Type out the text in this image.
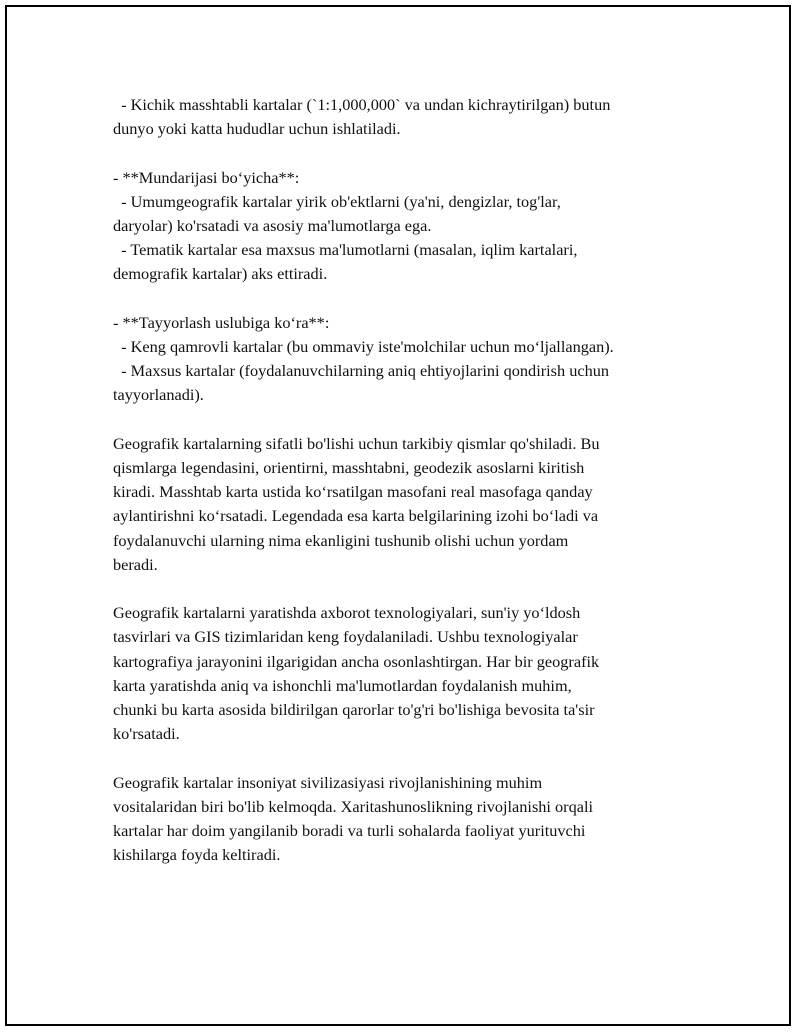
- Kichik masshtabli kartalar (`1:1,000,000` va undan kichraytirilgan) butun
dunyo yoki katta hududlar uchun ishlatiladi.

- **Mundarijasi bo‘yicha**:
- Umumgeografik kartalar yirik ob'ektlarni (ya'ni, dengizlar, tog'lar,
daryolar) ko'rsatadi va asosiy ma'lumotlarga ega.
- Tematik kartalar esa maxsus ma'lumotlarni (masalan, iqlim kartalari,
demografik kartalar) aks ettiradi.

- **Tayyorlash uslubiga ko‘ra**:
- Keng qamrovli kartalar (bu ommaviy iste'molchilar uchun mo‘ljallangan).
- Maxsus kartalar (foydalanuvchilarning aniq ehtiyojlarini qondirish uchun
tayyorlanadi).

Geografik kartalarning sifatli bo'lishi uchun tarkibiy qismlar qo'shiladi. Bu
qismlarga legendasini, orientirni, masshtabni, geodezik asoslarni kiritish
kiradi. Masshtab karta ustida ko‘rsatilgan masofani real masofaga qanday
aylantirishni ko‘rsatadi. Legendada esa karta belgilarining izohi bo‘ladi va
foydalanuvchi ularning nima ekanligini tushunib olishi uchun yordam
beradi.

Geografik kartalarni yaratishda axborot texnologiyalari, sun'iy yo‘ldosh
tasvirlari va GIS tizimlaridan keng foydalaniladi. Ushbu texnologiyalar
kartografiya jarayonini ilgarigidan ancha osonlashtirgan. Har bir geografik
karta yaratishda aniq va ishonchli ma'lumotlardan foydalanish muhim,
chunki bu karta asosida bildirilgan qarorlar to'g'ri bo'lishiga bevosita ta'sir
ko'rsatadi.

Geografik kartalar insoniyat sivilizasiyasi rivojlanishining muhim
vositalaridan biri bo'lib kelmoqda. Xaritashunoslikning rivojlanishi orqali
kartalar har doim yangilanib boradi va turli sohalarda faoliyat yurituvchi
kishilarga foyda keltiradi.
